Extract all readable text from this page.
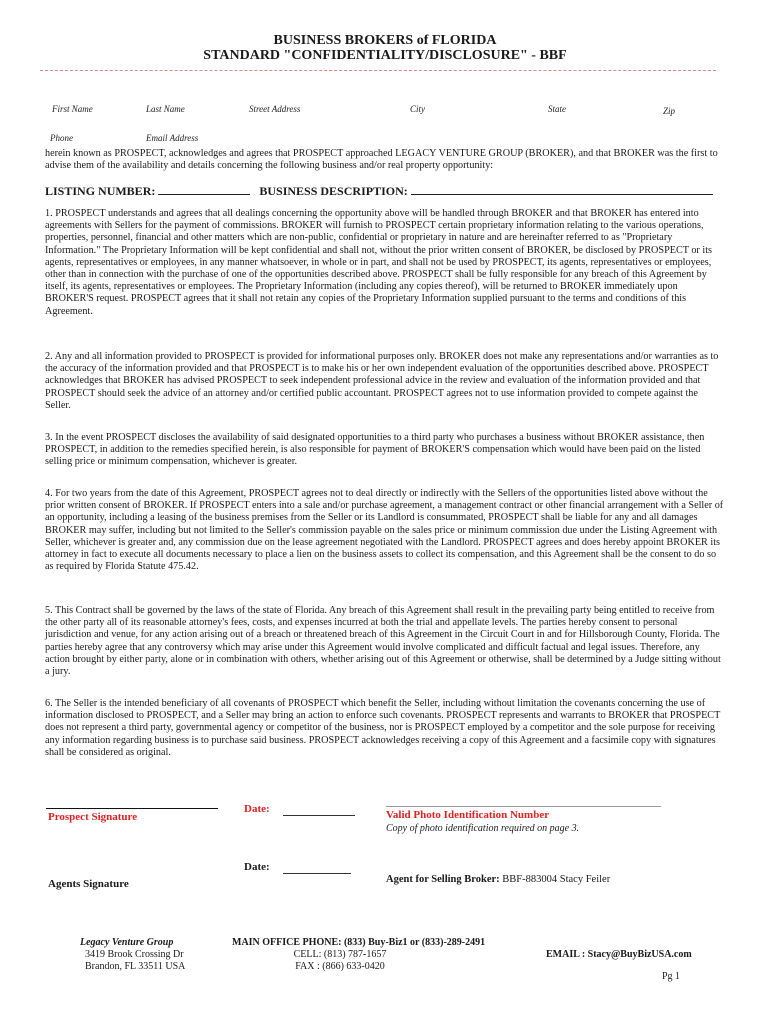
BUSINESS BROKERS of FLORIDA
STANDARD "CONFIDENTIALITY/DISCLOSURE" - BBF
First Name	Last Name	Street Address	City	State	Zip
Phone	Email Address
herein known as PROSPECT, acknowledges and agrees that PROSPECT approached LEGACY VENTURE GROUP (BROKER), and that BROKER was the first to advise them of the availability and details concerning the following business and/or real property opportunity:
LISTING NUMBER:	BUSINESS DESCRIPTION:
1. PROSPECT understands and agrees that all dealings concerning the opportunity above will be handled through BROKER and that BROKER has entered into agreements with Sellers for the payment of commissions. BROKER will furnish to PROSPECT certain proprietary information relating to the various operations, properties, personnel, financial and other matters which are non-public, confidential or proprietary in nature and are hereinafter referred to as "Proprietary Information." The Proprietary Information will be kept confidential and shall not, without the prior written consent of BROKER, be disclosed by PROSPECT or its agents, representatives or employees, in any manner whatsoever, in whole or in part, and shall not be used by PROSPECT, its agents, representatives or employees, other than in connection with the purchase of one of the opportunities described above. PROSPECT shall be fully responsible for any breach of this Agreement by itself, its agents, representatives or employees. The Proprietary Information (including any copies thereof), will be returned to BROKER immediately upon BROKER'S request. PROSPECT agrees that it shall not retain any copies of the Proprietary Information supplied pursuant to the terms and conditions of this Agreement.
2. Any and all information provided to PROSPECT is provided for informational purposes only. BROKER does not make any representations and/or warranties as to the accuracy of the information provided and that PROSPECT is to make his or her own independent evaluation of the opportunities described above. PROSPECT acknowledges that BROKER has advised PROSPECT to seek independent professional advice in the review and evaluation of the information provided and that PROSPECT should seek the advice of an attorney and/or certified public accountant. PROSPECT agrees not to use information provided to compete against the Seller.
3. In the event PROSPECT discloses the availability of said designated opportunities to a third party who purchases a business without BROKER assistance, then PROSPECT, in addition to the remedies specified herein, is also responsible for payment of BROKER'S compensation which would have been paid on the listed selling price or minimum compensation, whichever is greater.
4. For two years from the date of this Agreement, PROSPECT agrees not to deal directly or indirectly with the Sellers of the opportunities listed above without the prior written consent of BROKER. If PROSPECT enters into a sale and/or purchase agreement, a management contract or other financial arrangement with a Seller of an opportunity, including a leasing of the business premises from the Seller or its Landlord is consummated, PROSPECT shall be liable for any and all damages BROKER may suffer, including but not limited to the Seller's commission payable on the sales price or minimum commission due under the Listing Agreement with Seller, whichever is greater and, any commission due on the lease agreement negotiated with the Landlord. PROSPECT agrees and does hereby appoint BROKER its attorney in fact to execute all documents necessary to place a lien on the business assets to collect its compensation, and this Agreement shall be the consent to do so as required by Florida Statute 475.42.
5. This Contract shall be governed by the laws of the state of Florida. Any breach of this Agreement shall result in the prevailing party being entitled to receive from the other party all of its reasonable attorney's fees, costs, and expenses incurred at both the trial and appellate levels. The parties hereby consent to personal jurisdiction and venue, for any action arising out of a breach or threatened breach of this Agreement in the Circuit Court in and for Hillsborough County, Florida. The parties hereby agree that any controversy which may arise under this Agreement would involve complicated and difficult factual and legal issues. Therefore, any action brought by either party, alone or in combination with others, whether arising out of this Agreement or otherwise, shall be determined by a Judge sitting without a jury.
6. The Seller is the intended beneficiary of all covenants of PROSPECT which benefit the Seller, including without limitation the covenants concerning the use of information disclosed to PROSPECT, and a Seller may bring an action to enforce such covenants. PROSPECT represents and warrants to BROKER that PROSPECT does not represent a third party, governmental agency or competitor of the business, nor is PROSPECT employed by a competitor and the sole purpose for receiving any information regarding business is to purchase said business. PROSPECT acknowledges receiving a copy of this Agreement and a facsimile copy with signatures shall be considered as original.
Prospect Signature
Date:	Valid Photo Identification Number
Copy of photo identification required on page 3.
Date:
Agents Signature	Agent for Selling Broker: BBF-883004 Stacy Feiler
Legacy Venture Group
3419 Brook Crossing Dr
Brandon, FL 33511 USA
MAIN OFFICE PHONE: (833) Buy-Biz1 or (833)-289-2491
CELL: (813) 787-1657
FAX : (866) 633-0420
EMAIL : Stacy@BuyBizUSA.com
Pg 1
